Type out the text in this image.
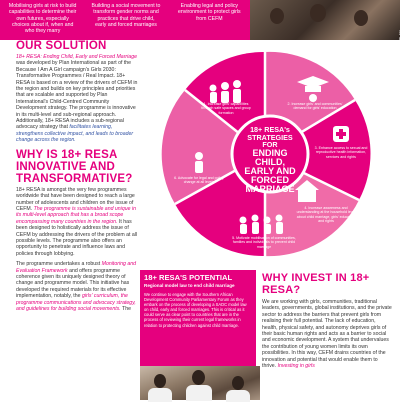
Mobilising girls at risk to build capabilities to determine their own futures, especially choices about if, when and who they marry
Building a social movement to transform gender norms and practices that drive child, early and forced marriages
Enabling legal and policy environment to protect girls from CEFM
PLAN
OUR SOLUTION

18+ RESA: Ending Child, Early and Forced Marriage was developed by Plan International as part of the Because I Am A Girl campaign's Girls 2030: Transformative Programmes / Real Impact. 18+ RESA is based on a review of the drivers of CEFM in the region and builds on key principles and priorities that are scalable and supported by Plan International's Child-Centred Community Development strategy. The programme is innovative in its multi-level and sub-regional approach. Additionally, 18+ RESA includes a sub-regional advocacy strategy that facilitates learning, strengthens collective impact, and leads to broader change across the region.

WHY IS 18+ RESA INNOVATIVE AND TRANSFORMATIVE?

18+ RESA is amongst the very few programmes worldwide that have been designed to reach a large number of adolescents and children on the issue of CEFM. The programme is sustainable and unique in its multi-level approach that has a broad scope encompassing many countries in the region. It has been designed to holistically address the issue of CEFM by addressing the drivers of the problem at all possible levels. The programme also offers an opportunity to penetrate and influence laws and policies through lobbying.

The programme undertakes a robust Monitoring and Evaluation Framework and offers programme coherence given its uniquely designed theory of change and programme model. This initiative has developed the required materials for its effective implementation, notably, the girls' curriculum, the programme communications and advocacy strategy, and guidelines for building social movements. The

1. Increase girls' capabilities through safe spaces and group formation
2. Increase girls' and communities' demand for girls' education
3. Enhance access to sexual and reproductive health information, services and rights
4. Increase awareness and understanding at the household level about child marriage, girls' education and rights
5. Motivate mobilisation of communities, families and individuals to prevent child marriage
6. Advocate for legal and policy change at all levels
18+ RESA's
STRATEGIES FOR
ENDING CHILD,
EARLY AND
FORCED
MARRIAGE
18+ RESA'S POTENTIAL
Regional model law to end child marriage
We continue to engage with the Southern African Development Community Parliamentary Forum as they embark on the process of developing a SADC model law on child, early and forced marriages. This is critical as it could serve as clear point to countries that are in the process of reviewing their current legal frameworks in relation to protecting children against child marriage.
WHY INVEST IN 18+ RESA?

We are working with girls, communities, traditional leaders, governments, global institutions, and the private sector to address the barriers that prevent girls from realising their full potential. The lack of education, health, physical safety, and autonomy deprives girls of their basic human rights and acts as a barrier to social and economic development. A system that undervalues the contribution of young women limits its own possibilities. In this way, CEFM drains countries of the innovation and potential that would enable them to thrive. Investing in girls
